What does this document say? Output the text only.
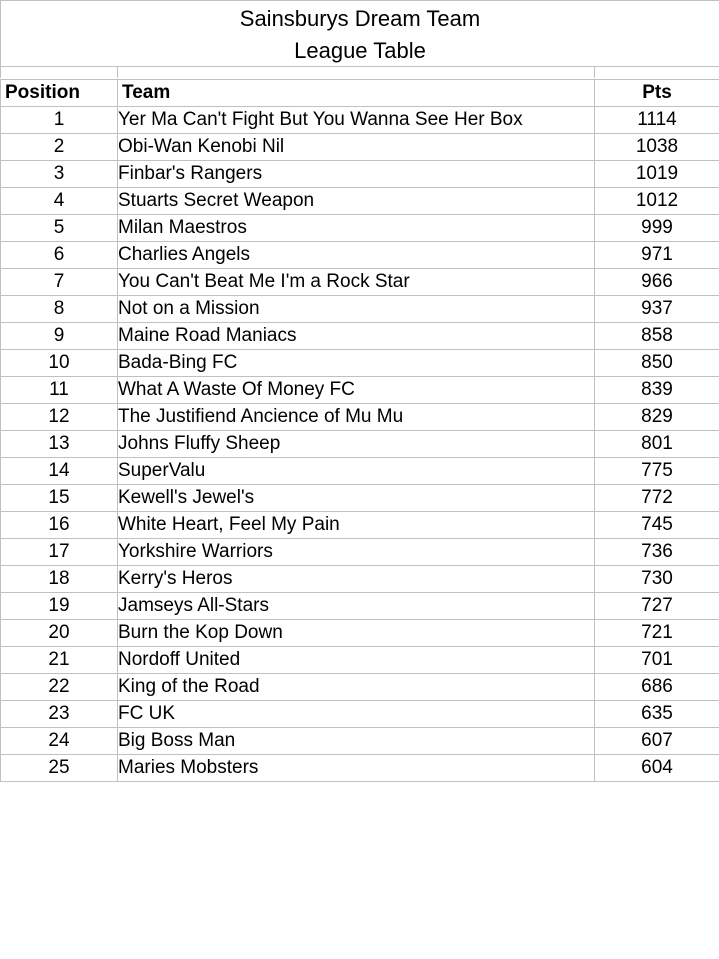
Sainsburys Dream Team
League Table
Position	Team	Pts
1	Yer Ma Can't Fight But You Wanna See Her Box	1114
2	Obi-Wan Kenobi Nil	1038
3	Finbar's Rangers	1019
4	Stuarts Secret Weapon	1012
5	Milan Maestros	999
6	Charlies Angels	971
7	You Can't Beat Me I'm a Rock Star	966
8	Not on a Mission	937
9	Maine Road Maniacs	858
10	Bada-Bing FC	850
11	What A Waste Of Money FC	839
12	The Justifiend Ancience of Mu Mu	829
13	Johns Fluffy Sheep	801
14	SuperValu	775
15	Kewell's Jewel's	772
16	White Heart, Feel My Pain	745
17	Yorkshire Warriors	736
18	Kerry's Heros	730
19	Jamseys All-Stars	727
20	Burn the Kop Down	721
21	Nordoff United	701
22	King of the Road	686
23	FC UK	635
24	Big Boss Man	607
25	Maries Mobsters	604
